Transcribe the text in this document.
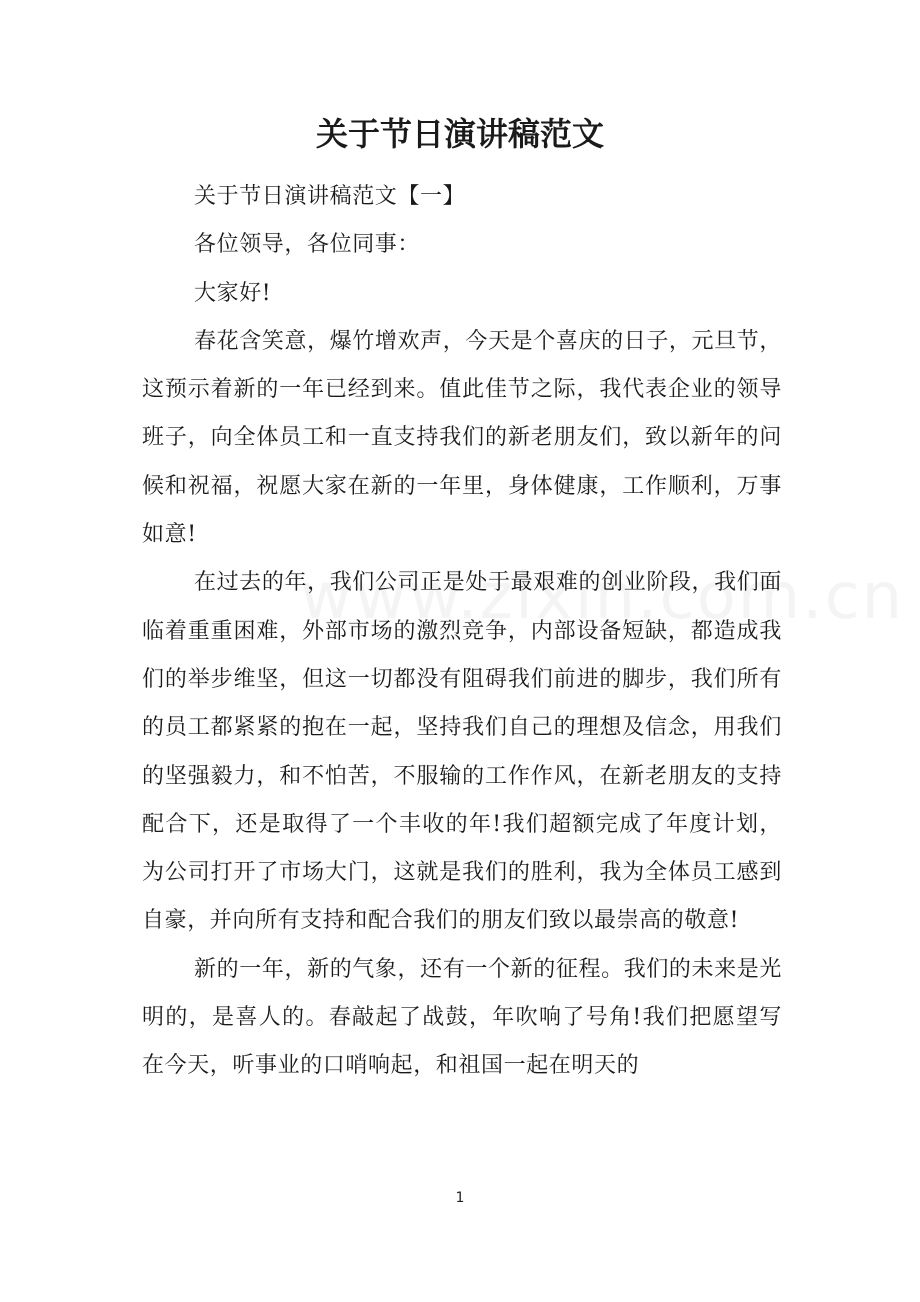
关于节日演讲稿范文

关于节日演讲稿范文【一】

各位领导，各位同事：

大家好!

春花含笑意，爆竹增欢声，今天是个喜庆的日子，元旦节，这预示着新的一年已经到来。值此佳节之际，我代表企业的领导班子，向全体员工和一直支持我们的新老朋友们，致以新年的问候和祝福，祝愿大家在新的一年里，身体健康，工作顺利，万事如意!

在过去的年，我们公司正是处于最艰难的创业阶段，我们面临着重重困难，外部市场的激烈竞争，内部设备短缺，都造成我们的举步维坚，但这一切都没有阻碍我们前进的脚步，我们所有的员工都紧紧的抱在一起，坚持我们自己的理想及信念，用我们的坚强毅力，和不怕苦，不服输的工作作风，在新老朋友的支持配合下，还是取得了一个丰收的年!我们超额完成了年度计划，为公司打开了市场大门，这就是我们的胜利，我为全体员工感到自豪，并向所有支持和配合我们的朋友们致以最崇高的敬意!

新的一年，新的气象，还有一个新的征程。我们的未来是光明的，是喜人的。春敲起了战鼓，年吹响了号角!我们把愿望写在今天，听事业的口哨响起，和祖国一起在明天的

1
